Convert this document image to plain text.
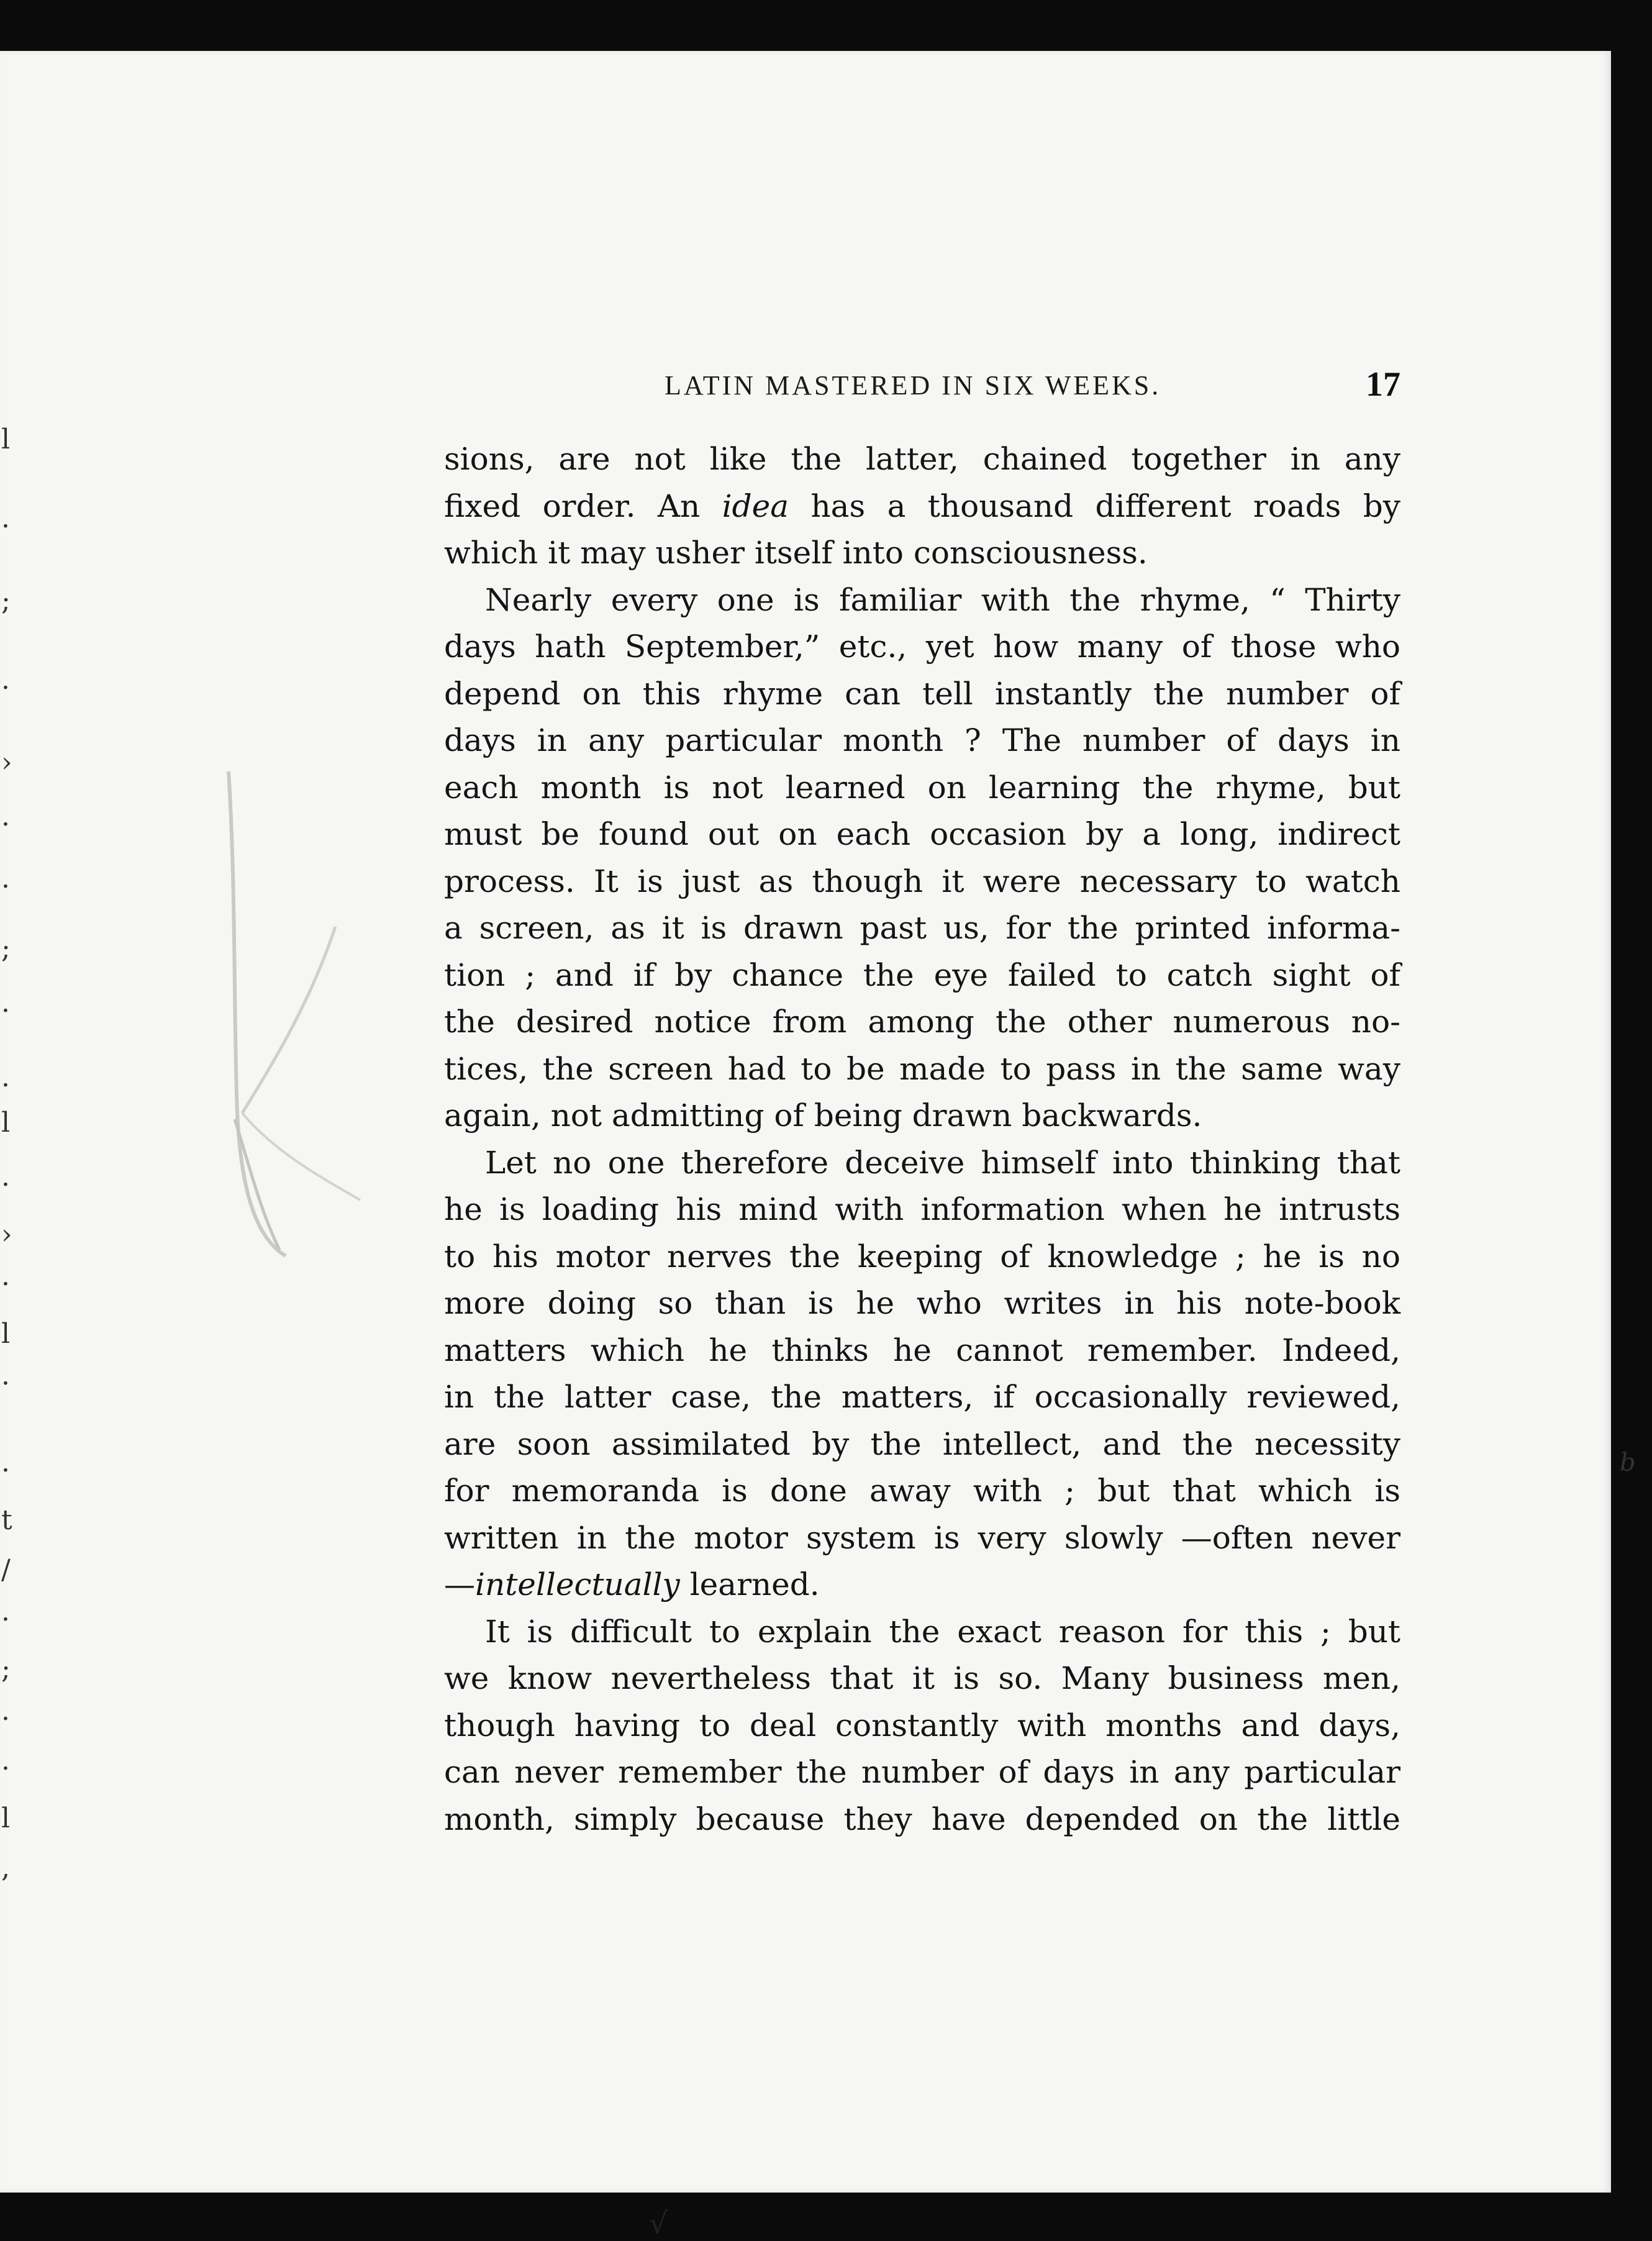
l
·
;
·
›
·
·
;
·
·
l
·
›
·
l
·
·
t
/
·
;
·
·
l
,
LATIN MASTERED IN SIX WEEKS.	17
sions, are not like the latter, chained together in any
fixed order. An idea has a thousand different roads by
which it may usher itself into consciousness.
Nearly every one is familiar with the rhyme, “ Thirty
days hath September,” etc., yet how many of those who
depend on this rhyme can tell instantly the number of
days in any particular month ? The number of days in
each month is not learned on learning the rhyme, but
must be found out on each occasion by a long, indirect
process. It is just as though it were necessary to watch
a screen, as it is drawn past us, for the printed informa-
tion ; and if by chance the eye failed to catch sight of
the desired notice from among the other numerous no-
tices, the screen had to be made to pass in the same way
again, not admitting of being drawn backwards.
Let no one therefore deceive himself into thinking that
he is loading his mind with information when he intrusts
to his motor nerves the keeping of knowledge ; he is no
more doing so than is he who writes in his note-book
matters which he thinks he cannot remember. Indeed,
in the latter case, the matters, if occasionally reviewed,
are soon assimilated by the intellect, and the necessity
for memoranda is done away with ; but that which is
written in the motor system is very slowly —often never
—intellectually learned.
It is difficult to explain the exact reason for this ; but
we know nevertheless that it is so. Many business men,
though having to deal constantly with months and days,
can never remember the number of days in any particular
month, simply because they have depended on the little
b
√
